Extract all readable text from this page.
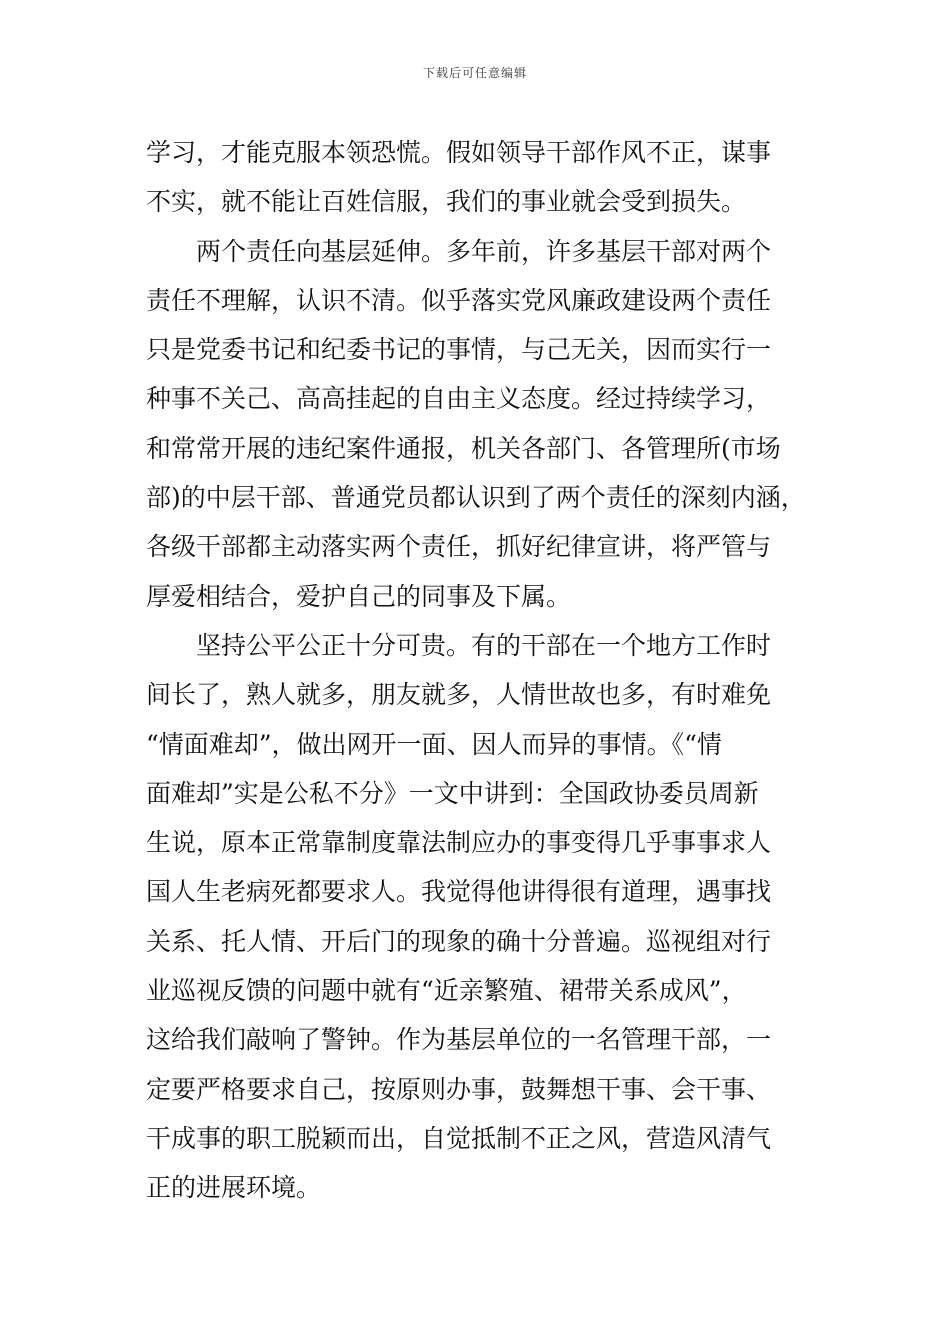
下载后可任意编辑
学习，才能克服本领恐慌。假如领导干部作风不正，谋事
不实，就不能让百姓信服，我们的事业就会受到损失。
两个责任向基层延伸。多年前，许多基层干部对两个
责任不理解，认识不清。似乎落实党风廉政建设两个责任
只是党委书记和纪委书记的事情，与己无关，因而实行一
种事不关己、高高挂起的自由主义态度。经过持续学习，
和常常开展的违纪案件通报，机关各部门、各管理所(市场
部)的中层干部、普通党员都认识到了两个责任的深刻内涵，
各级干部都主动落实两个责任，抓好纪律宣讲，将严管与
厚爱相结合，爱护自己的同事及下属。
坚持公平公正十分可贵。有的干部在一个地方工作时
间长了，熟人就多，朋友就多，人情世故也多，有时难免
“情面难却”，做出网开一面、因人而异的事情。《“情
面难却”实是公私不分》一文中讲到：全国政协委员周新
生说，原本正常靠制度靠法制应办的事变得几乎事事求人
国人生老病死都要求人。我觉得他讲得很有道理，遇事找
关系、托人情、开后门的现象的确十分普遍。巡视组对行
业巡视反馈的问题中就有“近亲繁殖、裙带关系成风”，
这给我们敲响了警钟。作为基层单位的一名管理干部，一
定要严格要求自己，按原则办事，鼓舞想干事、会干事、
干成事的职工脱颖而出，自觉抵制不正之风，营造风清气
正的进展环境。
